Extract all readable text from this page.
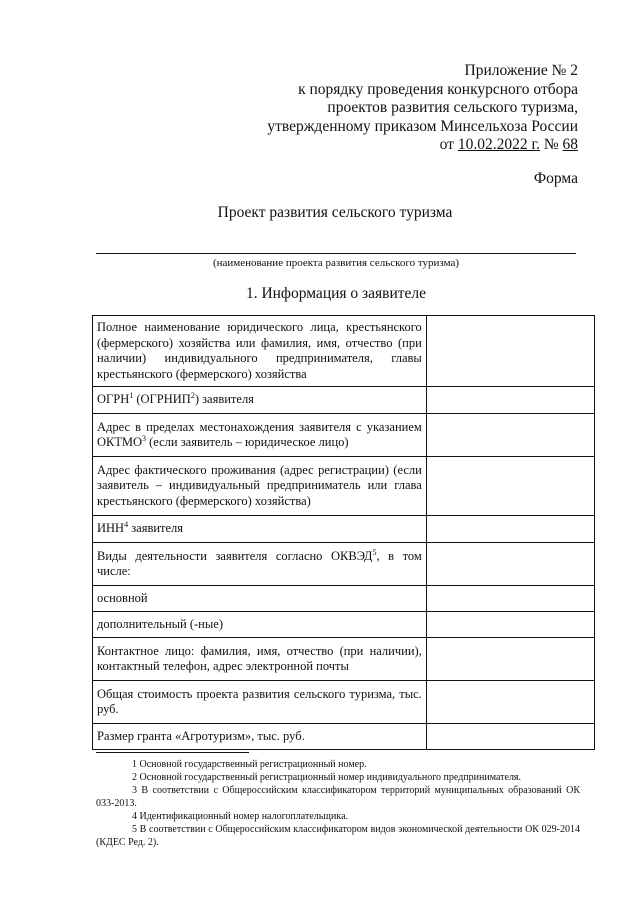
Приложение № 2
к порядку проведения конкурсного отбора
проектов развития сельского туризма,
утвержденному приказом Минсельхоза России
от 10.02.2022 г. № 68
Форма
Проект развития сельского туризма
(наименование проекта развития сельского туризма)
1. Информация о заявителе
Полное наименование юридического лица, крестьянского (фермерского) хозяйства или фамилия, имя, отчество (при наличии) индивидуального предпринимателя, главы крестьянского (фермерского) хозяйства	
ОГРН$^1$ (ОГРНИП$^2$) заявителя	
Адрес в пределах местонахождения заявителя с указанием ОКТМО$^3$ (если заявитель – юридическое лицо)	
Адрес фактического проживания (адрес регистрации) (если заявитель – индивидуальный предприниматель или глава крестьянского (фермерского) хозяйства)	
ИНН$^4$ заявителя	
Виды деятельности заявителя согласно ОКВЭД$^5$, в том числе:	
основной	
дополнительный (-ные)	
Контактное лицо: фамилия, имя, отчество (при наличии), контактный телефон, адрес электронной почты	
Общая стоимость проекта развития сельского туризма, тыс. руб.	
Размер гранта «Агротуризм», тыс. руб.	
1 Основной государственный регистрационный номер.
2 Основной государственный регистрационный номер индивидуального предпринимателя.
3 В соответствии с Общероссийским классификатором территорий муниципальных образований ОК 033-2013.
4 Идентификационный номер налогоплательщика.
5 В соответствии с Общероссийским классификатором видов экономической деятельности ОК 029-2014 (КДЕС Ред. 2).
